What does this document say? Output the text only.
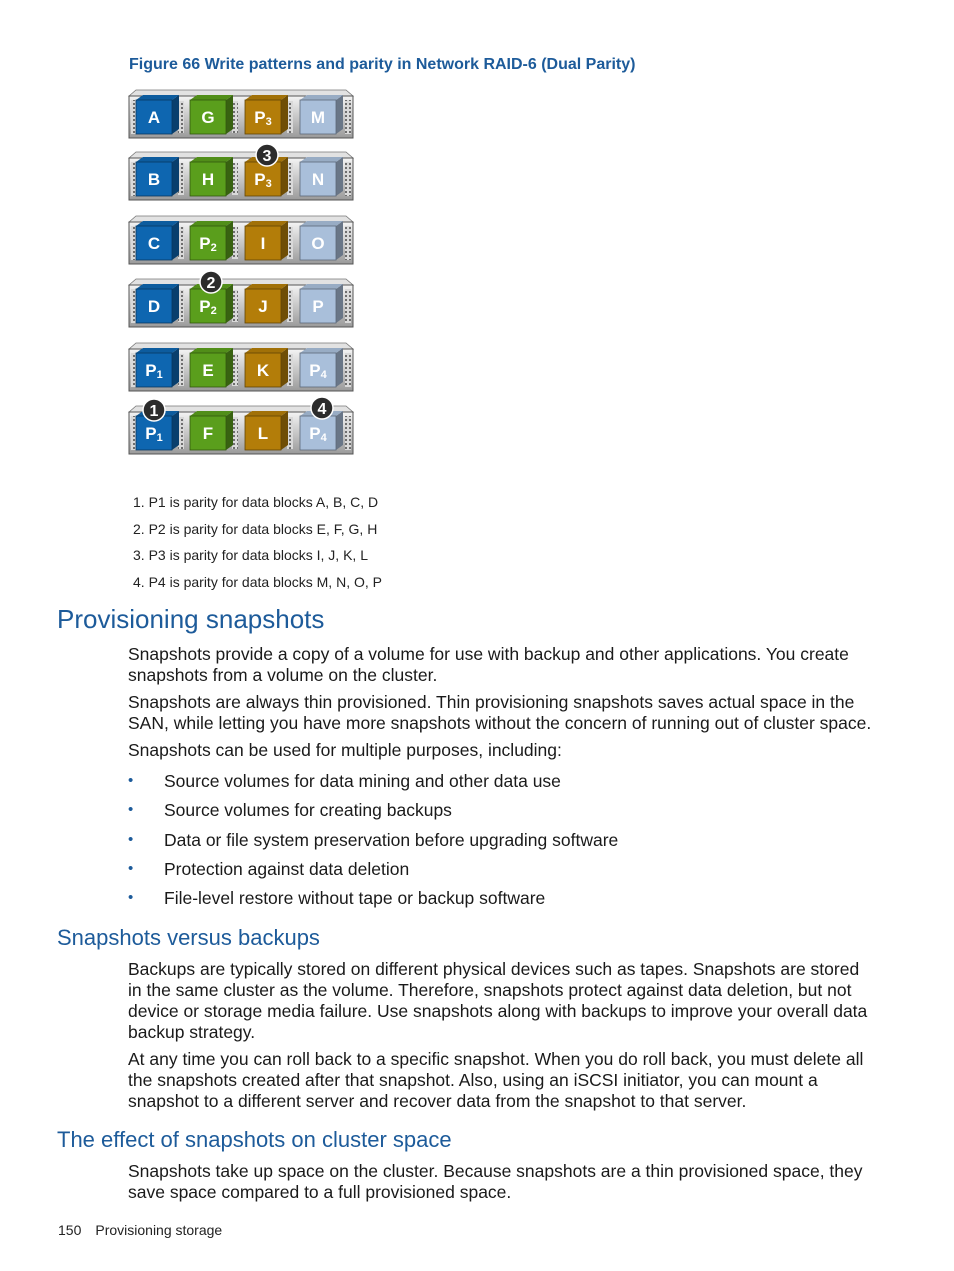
Figure 66 Write patterns and parity in Network RAID-6 (Dual Parity)
A G P3 M
B H P3 N
C P2	I	O
D P2 J	P
P1 E	K P4
P1 F	L P4
3
2
1	4
1. P1 is parity for data blocks A, B, C, D
2. P2 is parity for data blocks E, F, G, H
3. P3 is parity for data blocks I, J, K, L
4. P4 is parity for data blocks M, N, O, P
Provisioning snapshots

Snapshots provide a copy of a volume for use with backup and other applications. You create snapshots from a volume on the cluster.

Snapshots are always thin provisioned. Thin provisioning snapshots saves actual space in the SAN, while letting you have more snapshots without the concern of running out of cluster space.

Snapshots can be used for multiple purposes, including:

• Source volumes for data mining and other data use
• Source volumes for creating backups
• Data or file system preservation before upgrading software
• Protection against data deletion
• File-level restore without tape or backup software
Snapshots versus backups

Backups are typically stored on different physical devices such as tapes. Snapshots are stored in the same cluster as the volume. Therefore, snapshots protect against data deletion, but not device or storage media failure. Use snapshots along with backups to improve your overall data backup strategy.

At any time you can roll back to a specific snapshot. When you do roll back, you must delete all the snapshots created after that snapshot. Also, using an iSCSI initiator, you can mount a snapshot to a different server and recover data from the snapshot to that server.

The effect of snapshots on cluster space

Snapshots take up space on the cluster. Because snapshots are a thin provisioned space, they save space compared to a full provisioned space.

150 Provisioning storage
